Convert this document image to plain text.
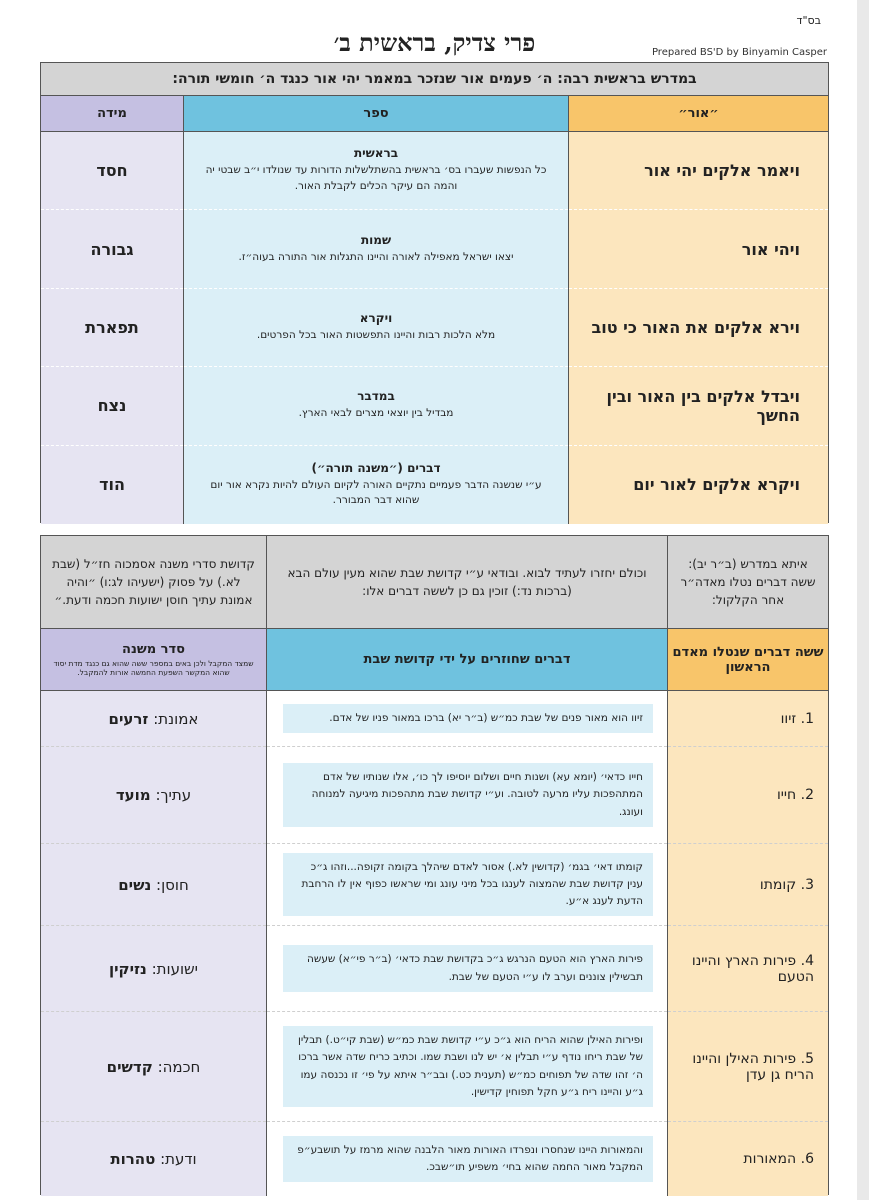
בס"ד
פרי צדיק, בראשית ב׳	Prepared BS'D by Binyamin Casper
במדרש בראשית רבה: ה׳ פעמים אור שנזכר במאמר יהי אור כנגד ה׳ חומשי תורה:
״אור״
ספר
מידה
ויאמר אלקים יהי אור
ויהי אור
וירא אלקים את האור כי טוב
ויבדל אלקים בין האור ובין החשך
ויקרא אלקים לאור יום
בראשית
כל הנפשות שעברו בס׳ בראשית בהשתלשלות הדורות עד שנולדו י״ב שבטי יה והמה הם עיקר הכלים לקבלת האור.
שמות
יצאו ישראל מאפילה לאורה והיינו התגלות אור התורה בעוה״ז.
ויקרא
מלא הלכות רבות והיינו התפשטות האור בכל הפרטים.
במדבר
מבדיל בין יוצאי מצרים לבאי הארץ.
דברים (״משנה תורה״)
ע״י שנשנה הדבר פעמיים נתקיים האורה לקיום העולם להיות נקרא אור יום שהוא דבר המבורר.
חסד
גבורה
תפארת
נצח
הוד
איתא במדרש (ב״ר יב): ששה דברים נטלו מאדה״ר אחר הקלקול:
וכולם יחזרו לעתיד לבוא. ובודאי ע״י קדושת שבת שהוא מעין עולם הבא (ברכות נד:) זוכין גם כן לששה דברים אלו:
קדושת סדרי משנה אסמכוה חז״ל (שבת לא.) על פסוק (ישעיהו לג:ו) ״והיה אמונת עתיך חוסן ישועות חכמה ודעת.״
ששה דברים שנטלו מאדם הראשון
דברים שחוזרים על ידי קדושת שבת
סדר משנה
שמצד המקבל ולכן באים במספר ששה שהוא גם כנגד מדת יסוד שהוא המקשר השפעת החמשה אורות להמקבל.
1. זיוו
2. חייו
3. קומתו
4. פירות הארץ והיינו הטעם
5. פירות האילן והיינו הריח גן עדן
6. המאורות
זיוו הוא מאור פנים של שבת כמ״ש (ב״ר יא) ברכו במאור פניו של אדם.
חייו כדאי׳ (יומא עא) ושנות חיים ושלום יוסיפו לך כו׳, אלו שנותיו של אדם המתהפכות עליו מרעה לטובה. וע״י קדושת שבת מתהפכות מיגיעה למנוחה ועונג.
קומתו דאי׳ בגמ׳ (קדושין לא.) אסור לאדם שיהלך בקומה זקופה...וזהו ג״כ ענין קדושת שבת שהמצוה לענגו בכל מיני עונג ומי שראשו כפוף אין לו הרחבת הדעת לענג א״ע.
פירות הארץ הוא הטעם הנרגש ג״כ בקדושת שבת כדאי׳ (ב״ר פי״א) שעשה תבשילין צוננים וערב לו ע״י הטעם של שבת.
ופירות האילן שהוא הריח הוא ג״כ ע״י קדושת שבת כמ״ש (שבת קי״ט.) תבלין של שבת ריחו נודף ע״י תבלין א׳ יש לנו ושבת שמו. וכתיב כריח שדה אשר ברכו ה׳ זהו שדה של תפוחים כמ״ש (תענית כט.) ובב״ר איתא על פי׳ זו נכנסה עמו ג״ע והיינו ריח ג״ע חקל תפוחין קדישין.
והמאורות היינו שנחסרו ונפרדו האורות מאור הלבנה שהוא מרמז על תושבע״פ המקבל מאור החמה שהוא בחי׳ משפיע תו״שבכ.
אמונת:

זרעים
עתיך:

מועד
חוסן:

נשים
ישועות:

נזיקין
חכמה:

קדשים
ודעת:

טהרות
